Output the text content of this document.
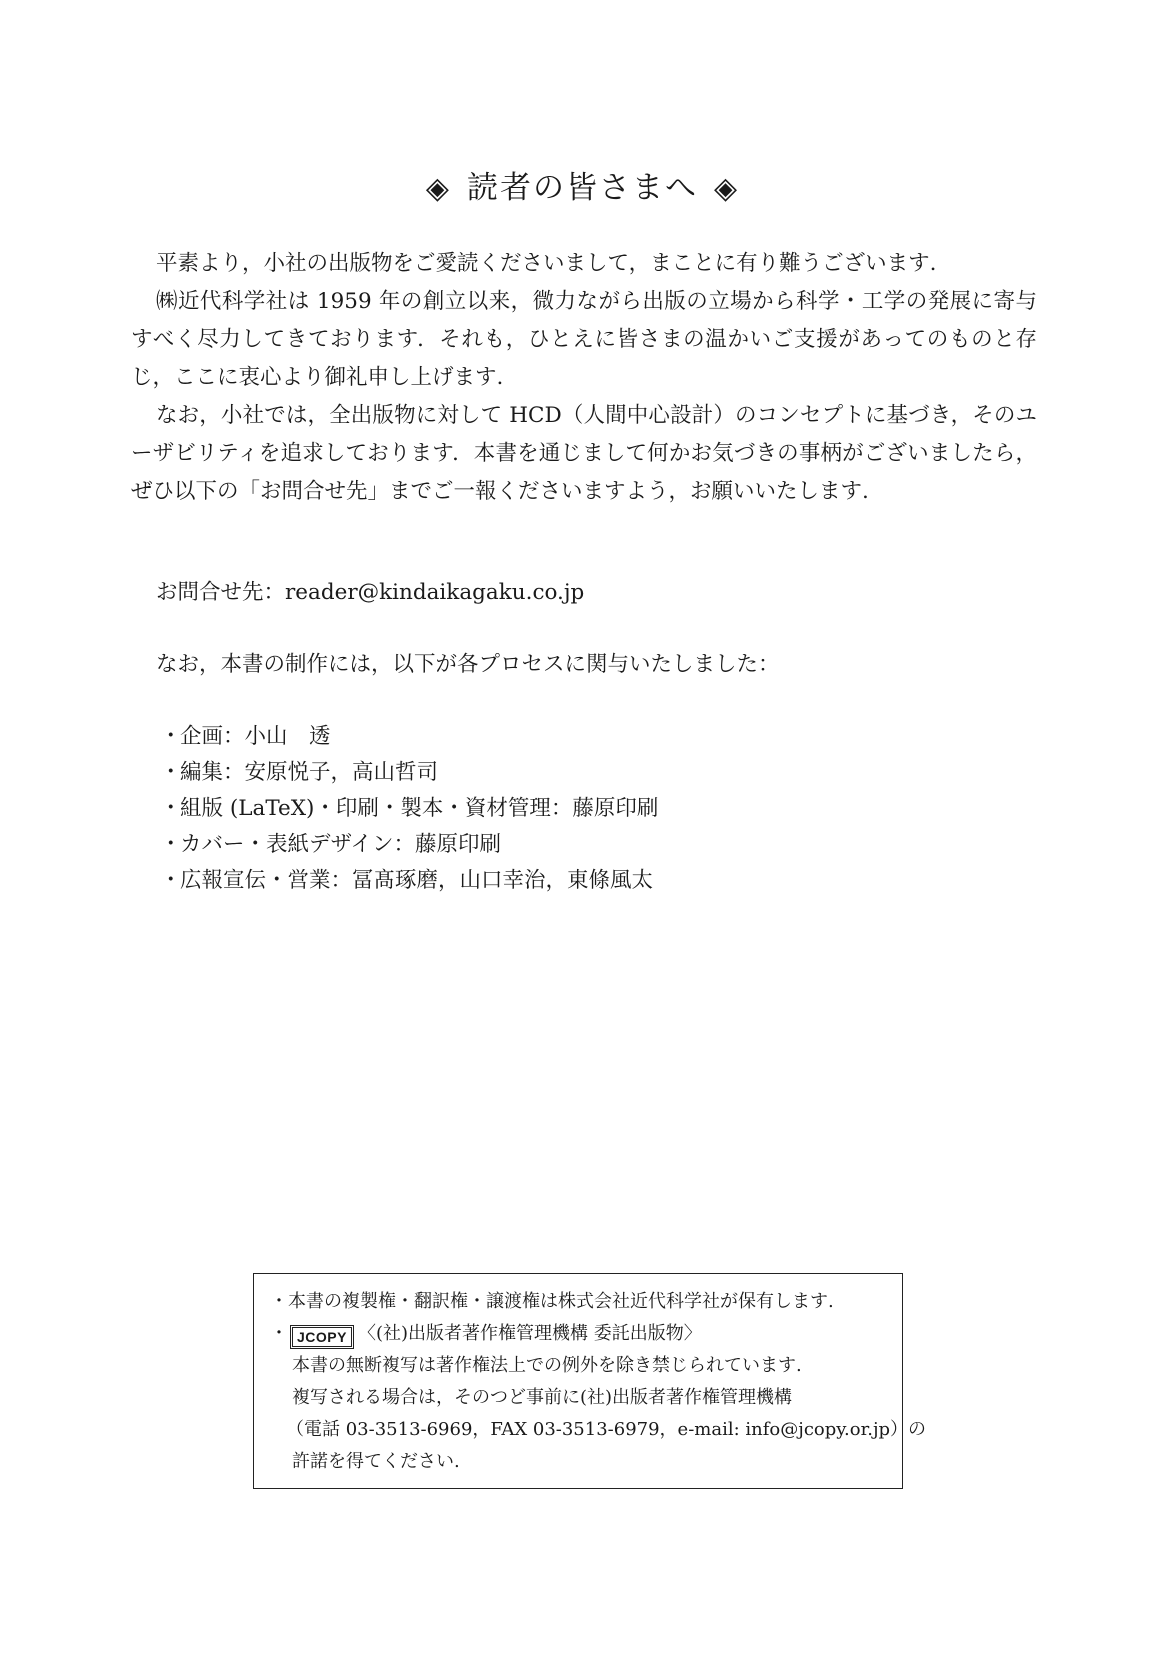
◈ 読者の皆さまへ ◈

平素より，小社の出版物をご愛読くださいまして，まことに有り難うございます.

㈱近代科学社は 1959 年の創立以来，微力ながら出版の立場から科学・工学の発展に寄与すべく尽力してきております．それも，ひとえに皆さまの温かいご支援があってのものと存じ，ここに衷心より御礼申し上げます.

なお，小社では，全出版物に対して HCD（人間中心設計）のコンセプトに基づき，そのユーザビリティを追求しております．本書を通じまして何かお気づきの事柄がございましたら，ぜひ以下の「お問合せ先」までご一報くださいますよう，お願いいたします.

お問合せ先：reader@kindaikagaku.co.jp
なお，本書の制作には，以下が各プロセスに関与いたしました：
・企画：小山　透
・編集：安原悦子，高山哲司
・組版 (LaTeX)・印刷・製本・資材管理：藤原印刷
・カバー・表紙デザイン：藤原印刷
・広報宣伝・営業：冨髙琢磨，山口幸治，東條風太
・本書の複製権・翻訳権・譲渡権は株式会社近代科学社が保有します.
・ JCOPY 〈(社)出版者著作権管理機構 委託出版物〉
本書の無断複写は著作権法上での例外を除き禁じられています.
複写される場合は，そのつど事前に(社)出版者著作権管理機構
（電話 03-3513-6969，FAX 03-3513-6979，e-mail: info@jcopy.or.jp）の
許諾を得てください.
